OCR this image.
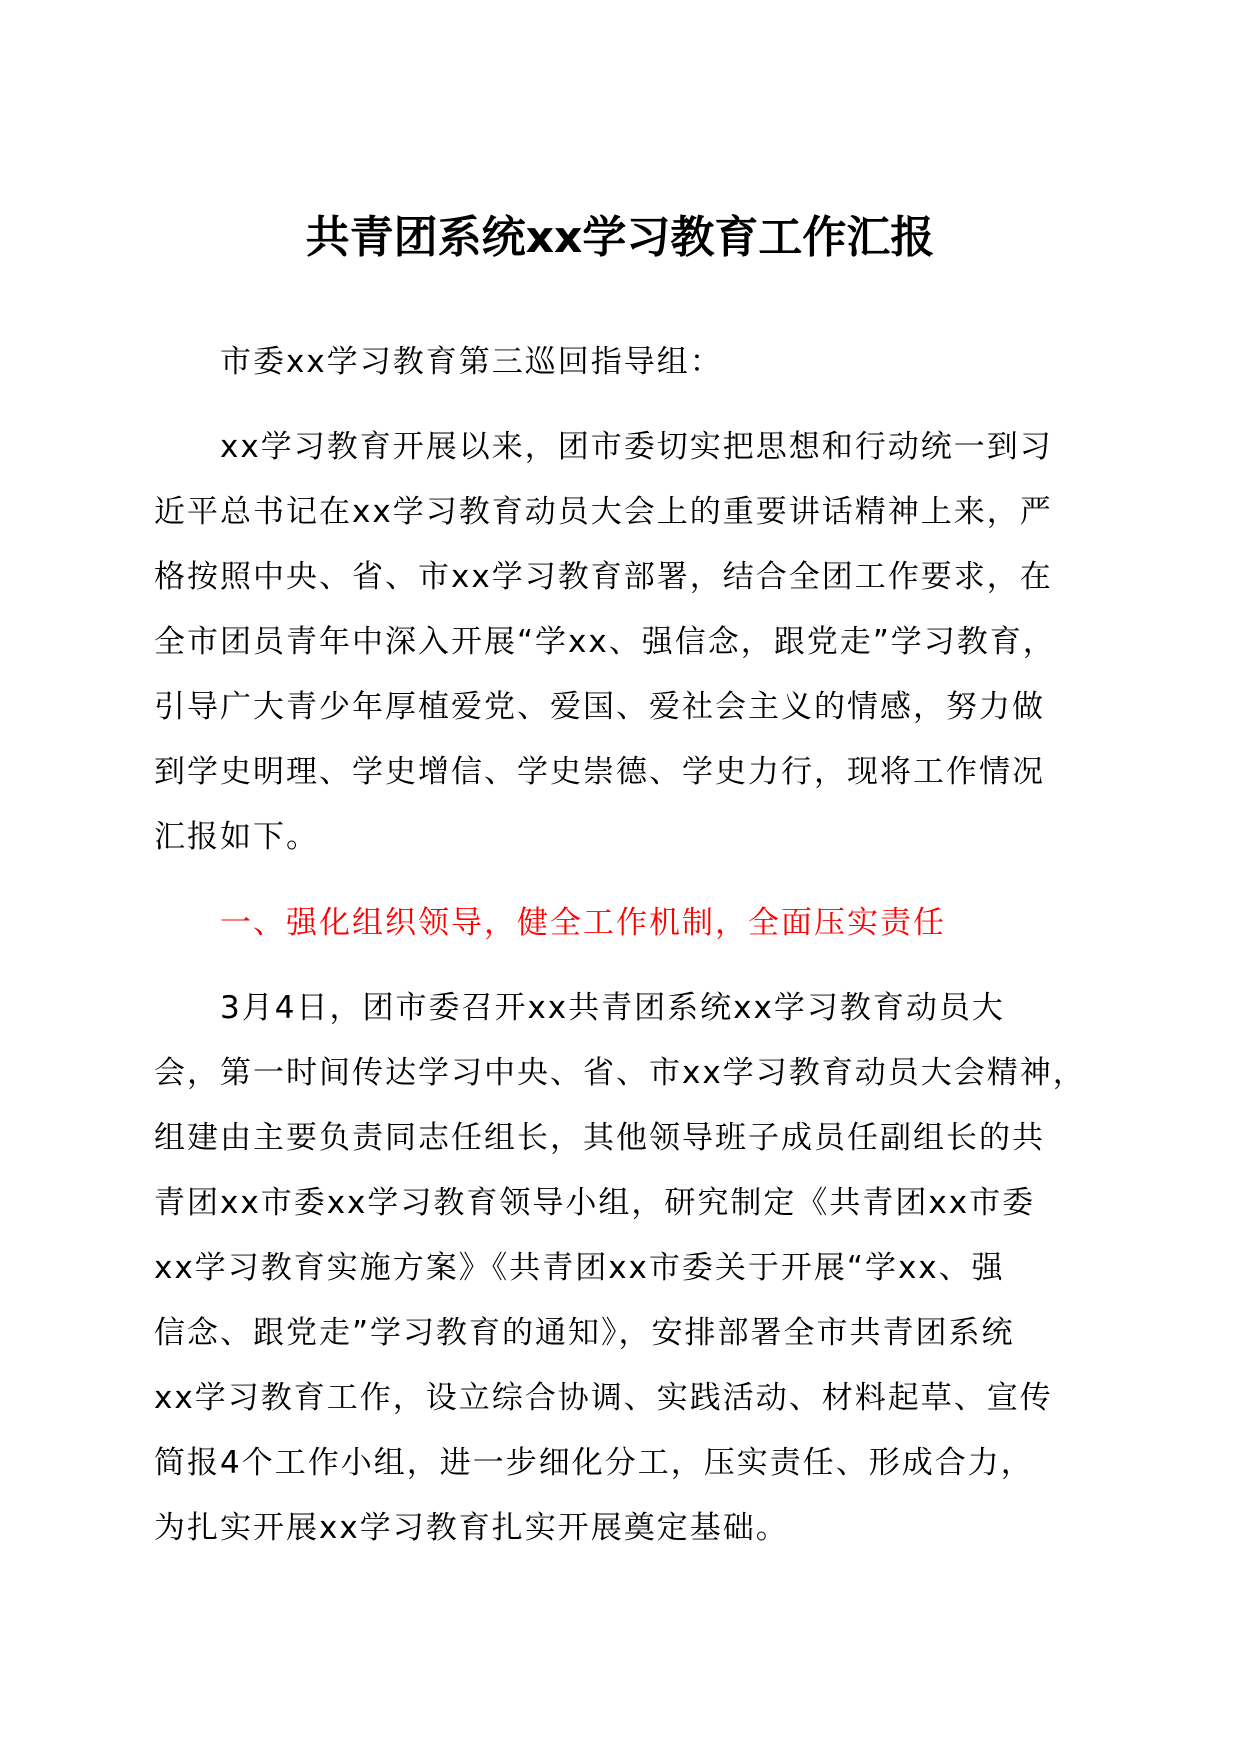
共青团系统xx学习教育工作汇报
市委xx学习教育第三巡回指导组：
xx学习教育开展以来，团市委切实把思想和行动统一到习
近平总书记在xx学习教育动员大会上的重要讲话精神上来，严
格按照中央、省、市xx学习教育部署，结合全团工作要求，在
全市团员青年中深入开展“学xx、强信念，跟党走”学习教育，
引导广大青少年厚植爱党、爱国、爱社会主义的情感，努力做
到学史明理、学史增信、学史崇德、学史力行，现将工作情况
汇报如下。
一、强化组织领导，健全工作机制，全面压实责任
3月4日，团市委召开xx共青团系统xx学习教育动员大
会，第一时间传达学习中央、省、市xx学习教育动员大会精神，
组建由主要负责同志任组长，其他领导班子成员任副组长的共
青团xx市委xx学习教育领导小组，研究制定《共青团xx市委
xx学习教育实施方案》《共青团xx市委关于开展“学xx、强
信念、跟党走”学习教育的通知》，安排部署全市共青团系统
xx学习教育工作，设立综合协调、实践活动、材料起草、宣传
简报4个工作小组，进一步细化分工，压实责任、形成合力，
为扎实开展xx学习教育扎实开展奠定基础。
